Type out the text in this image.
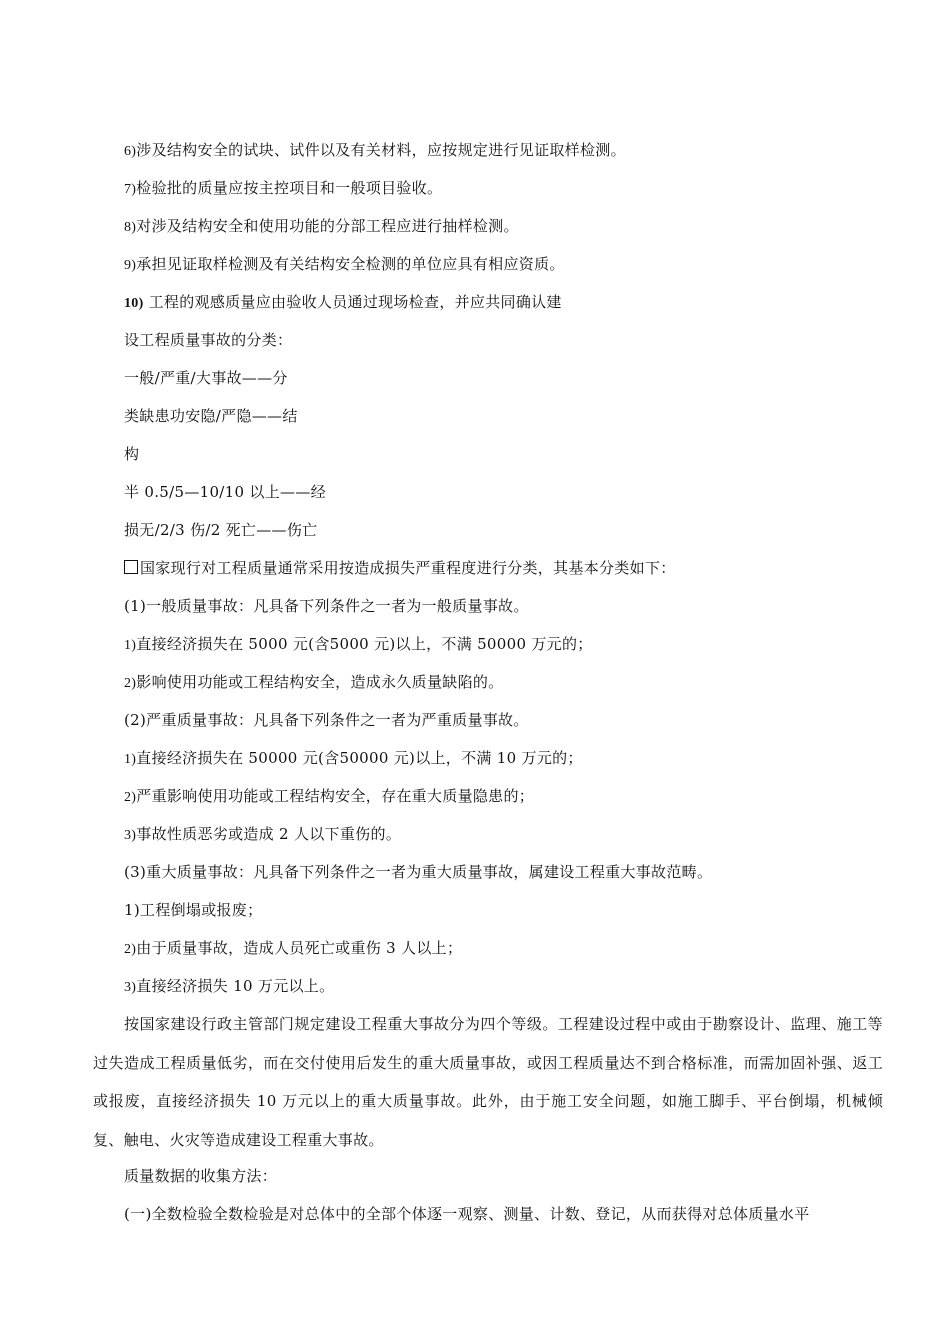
6)涉及结构安全的试块、试件以及有关材料，应按规定进行见证取样检测。
7)检验批的质量应按主控项目和一般项目验收。
8)对涉及结构安全和使用功能的分部工程应进行抽样检测。
9)承担见证取样检测及有关结构安全检测的单位应具有相应资质。
10) 工程的观感质量应由验收人员通过现场检查，并应共同确认建
设工程质量事故的分类：
一般/严重/大事故——分
类缺患功安隐/严隐——结
构
半 0.5/5—10/10 以上——经
损无/2/3 伤/2 死亡——伤亡
国家现行对工程质量通常采用按造成损失严重程度进行分类，其基本分类如下：
(1)一般质量事故：凡具备下列条件之一者为一般质量事故。
1)直接经济损失在 5000 元(含5000 元)以上，不满 50000 万元的；
2)影响使用功能或工程结构安全，造成永久质量缺陷的。
(2)严重质量事故：凡具备下列条件之一者为严重质量事故。
1)直接经济损失在 50000 元(含50000 元)以上，不满 10 万元的；
2)严重影响使用功能或工程结构安全，存在重大质量隐患的；
3)事故性质恶劣或造成 2 人以下重伤的。
(3)重大质量事故：凡具备下列条件之一者为重大质量事故，属建设工程重大事故范畴。
1)工程倒塌或报废；
2)由于质量事故，造成人员死亡或重伤 3 人以上；
3)直接经济损失 10 万元以上。
按国家建设行政主管部门规定建设工程重大事故分为四个等级。工程建设过程中或由于勘察设计、监理、施工等过失造成工程质量低劣，而在交付使用后发生的重大质量事故，或因工程质量达不到合格标准，而需加固补强、返工或报废，直接经济损失 10 万元以上的重大质量事故。此外，由于施工安全问题，如施工脚手、平台倒塌，机械倾复、触电、火灾等造成建设工程重大事故。
质量数据的收集方法：
(一)全数检验全数检验是对总体中的全部个体逐一观察、测量、计数、登记，从而获得对总体质量水平
